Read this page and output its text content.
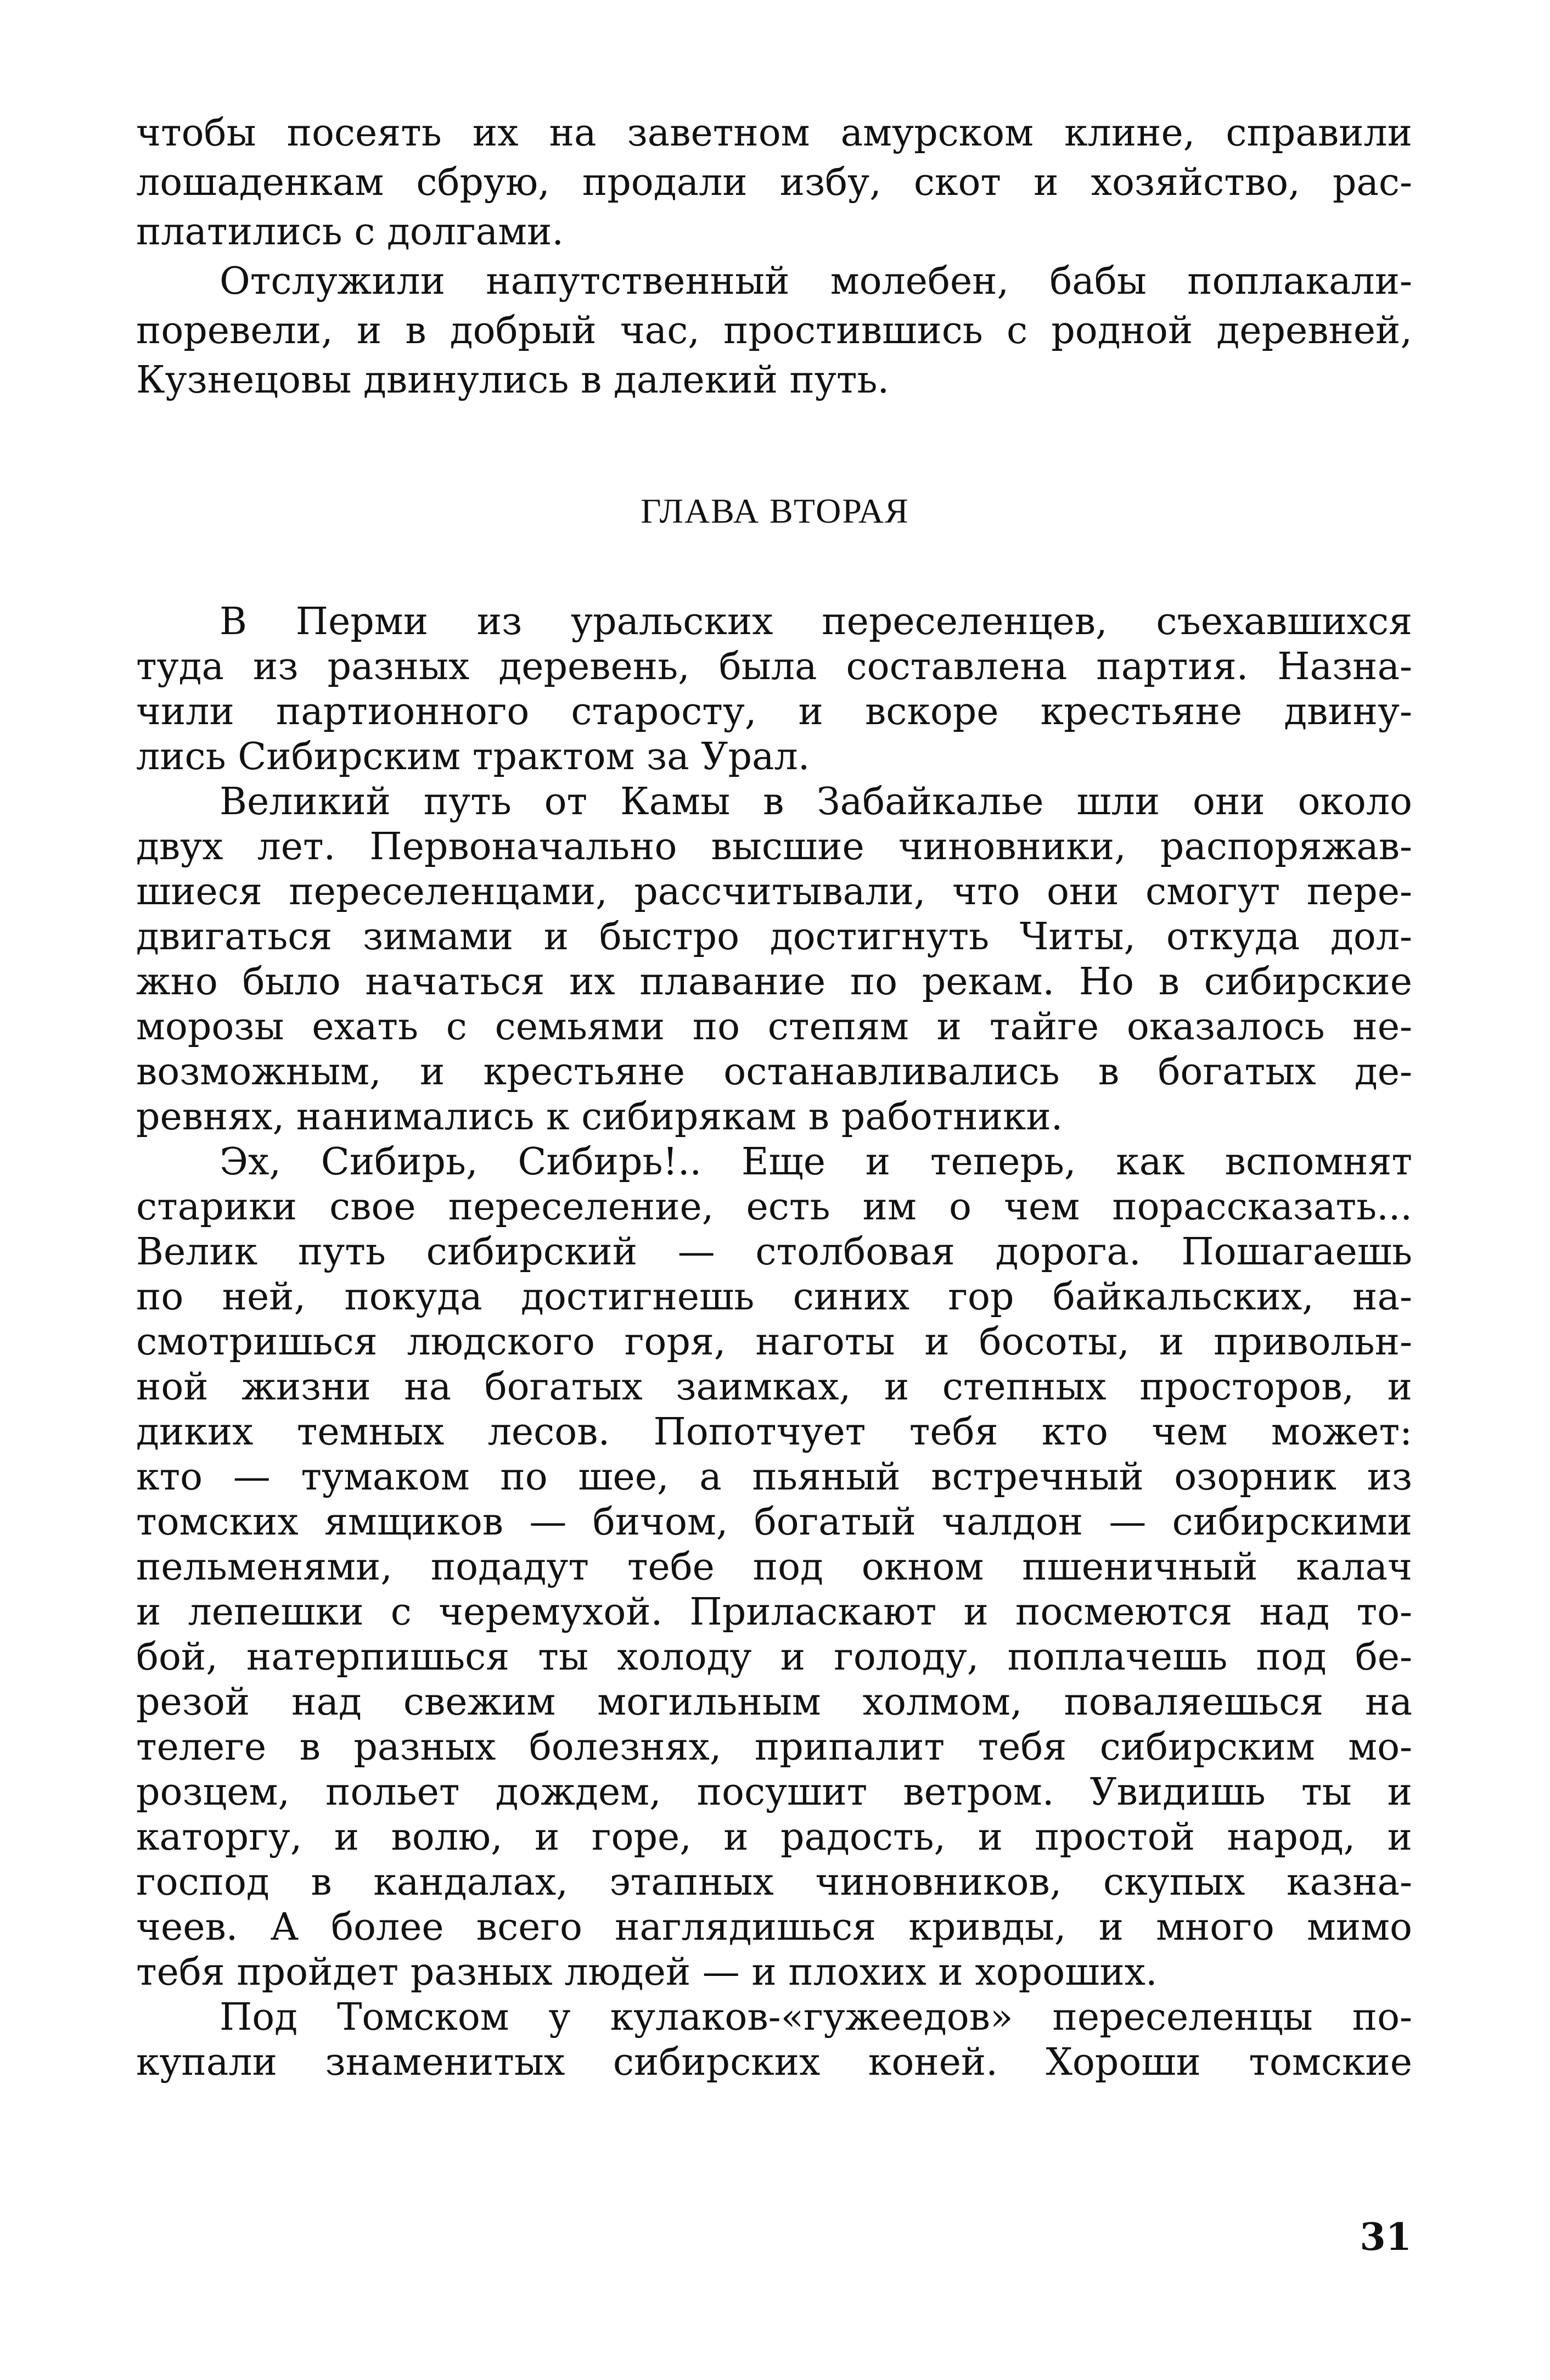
чтобы посеять их на заветном амурском клине, справили
лошаденкам сбрую, продали избу, скот и хозяйство, рас-
платились с долгами.
Отслужили напутственный молебен, бабы поплакали-
поревели, и в добрый час, простившись с родной деревней,
Кузнецовы двинулись в далекий путь.
ГЛАВА ВТОРАЯ
В Перми из уральских переселенцев, съехавшихся
туда из разных деревень, была составлена партия. Назна-
чили партионного старосту, и вскоре крестьяне двину-
лись Сибирским трактом за Урал.
Великий путь от Камы в Забайкалье шли они около
двух лет. Первоначально высшие чиновники, распоряжав-
шиеся переселенцами, рассчитывали, что они смогут пере-
двигаться зимами и быстро достигнуть Читы, откуда дол-
жно было начаться их плавание по рекам. Но в сибирские
морозы ехать с семьями по степям и тайге оказалось не-
возможным, и крестьяне останавливались в богатых де-
ревнях, нанимались к сибирякам в работники.
Эх, Сибирь, Сибирь!.. Еще и теперь, как вспомнят
старики свое переселение, есть им о чем порассказать...
Велик путь сибирский — столбовая дорога. Пошагаешь
по ней, покуда достигнешь синих гор байкальских, на-
смотришься людского горя, наготы и босоты, и привольн-
ной жизни на богатых заимках, и степных просторов, и
диких темных лесов. Попотчует тебя кто чем может:
кто — тумаком по шее, а пьяный встречный озорник из
томских ямщиков — бичом, богатый чалдон — сибирскими
пельменями, подадут тебе под окном пшеничный калач
и лепешки с черемухой. Приласкают и посмеются над то-
бой, натерпишься ты холоду и голоду, поплачешь под бе-
резой над свежим могильным холмом, поваляешься на
телеге в разных болезнях, припалит тебя сибирским мо-
розцем, польет дождем, посушит ветром. Увидишь ты и
каторгу, и волю, и горе, и радость, и простой народ, и
господ в кандалах, этапных чиновников, скупых казна-
чеев. А более всего наглядишься кривды, и много мимо
тебя пройдет разных людей — и плохих и хороших.
Под Томском у кулаков-«гужеедов» переселенцы по-
купали знаменитых сибирских коней. Хороши томские
31
